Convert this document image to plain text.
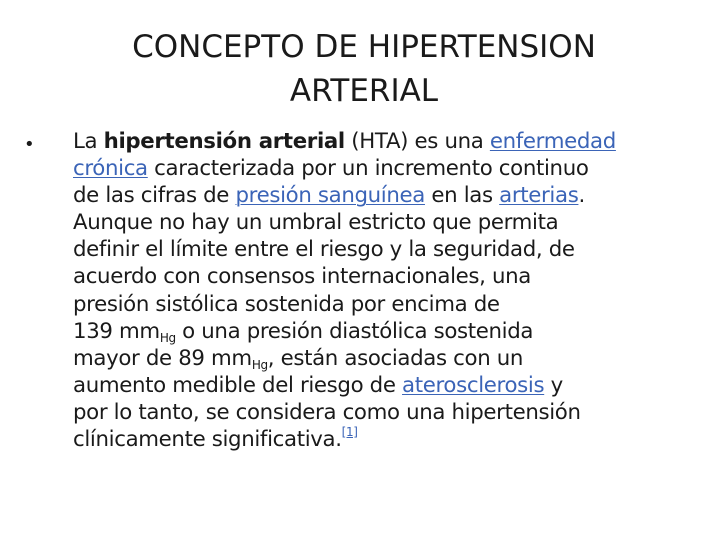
CONCEPTO DE HIPERTENSION
ARTERIAL
• La hipertensión arterial (HTA) es una enfermedad
crónica caracterizada por un incremento continuo
de las cifras de presión sanguínea en las arterias.
Aunque no hay un umbral estricto que permita
definir el límite entre el riesgo y la seguridad, de
acuerdo con consensos internacionales, una
presión sistólica sostenida por encima de
139 $mm_{Hg}$ o una presión diastólica sostenida
mayor de 89 $mm_{Hg}$, están asociadas con un
aumento medible del riesgo de aterosclerosis y
por lo tanto, se considera como una hipertensión
clínicamente significativa.[1]
